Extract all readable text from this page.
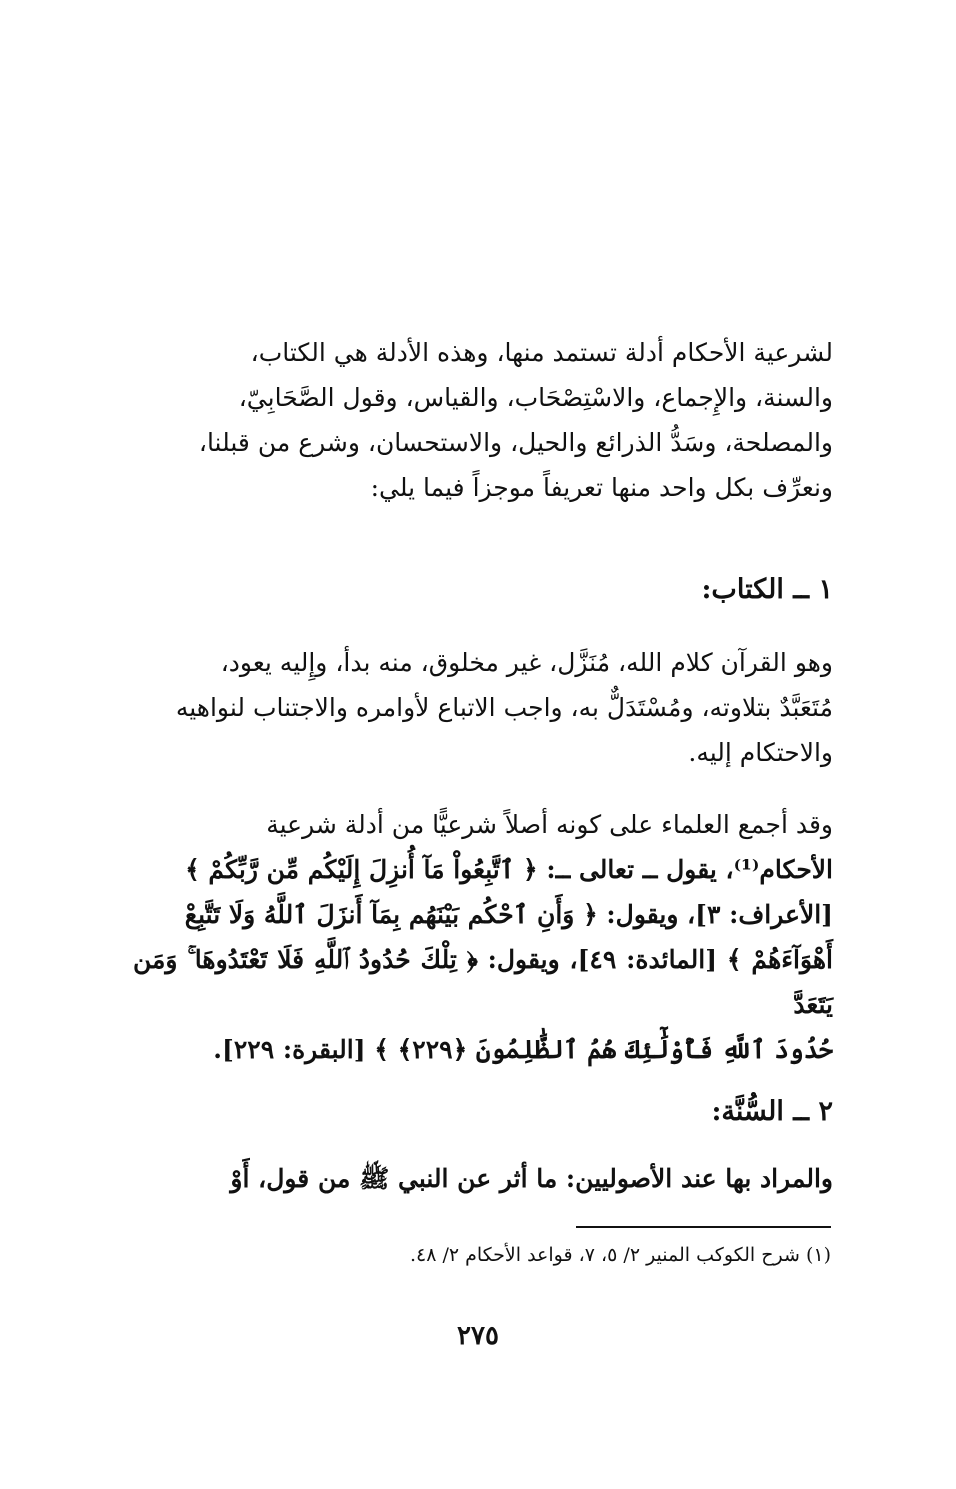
لشرعية الأحكام أدلة تستمد منها، وهذه الأدلة هي الكتاب،
والسنة، والإِجماع، والاسْتِصْحَاب، والقياس، وقول الصَّحَابِيّ،
والمصلحة، وسَدُّ الذرائع والحيل، والاستحسان، وشرع من قبلنا،
ونعرِّف بكل واحد منها تعريفاً موجزاً فيما يلي:
١ ــ الكتاب:
وهو القرآن كلام الله، مُنَزَّل، غير مخلوق، منه بدأ، وإِليه يعود،
مُتَعَبَّدٌ بتلاوته، ومُسْتَدَلٌّ به، واجب الاتباع لأوامره والاجتناب لنواهيه
والاحتكام إليه.
وقد أجمع العلماء على كونه أصلاً شرعيًّا من أدلة شرعية
الأحكام⁽¹⁾، يقول ــ تعالى ــ: ﴿ ٱتَّبِعُواْ مَآ أُنزِلَ إِلَيْكُم مِّن رَّبِّكُمْ ﴾
[الأعراف: ٣]، ويقول: ﴿ وَأَنِ ٱحْكُم بَيْنَهُم بِمَآ أَنزَلَ ٱللَّهُ وَلَا تَتَّبِعْ
أَهْوَآءَهُمْ ﴾ [المائدة: ٤٩]، ويقول: ﴿ تِلْكَ حُدُودُ ٱللَّهِ فَلَا تَعْتَدُوهَا ۚ وَمَن يَتَعَدَّ
حُدُودَ ٱللَّهِ فَأُوْلَٰٓئِكَ هُمُ ٱلظَّٰلِمُونَ ﴿٢٢٩﴾ ﴾ [البقرة: ٢٢٩].
٢ ــ السُّنَّة:
والمراد بها عند الأصوليين: ما أثر عن النبي ﷺ من قول، أَوْ
(١) شرح الكوكب المنير ٢/ ٥، ٧، قواعد الأحكام ٢/ ٤٨.
٢٧٥
